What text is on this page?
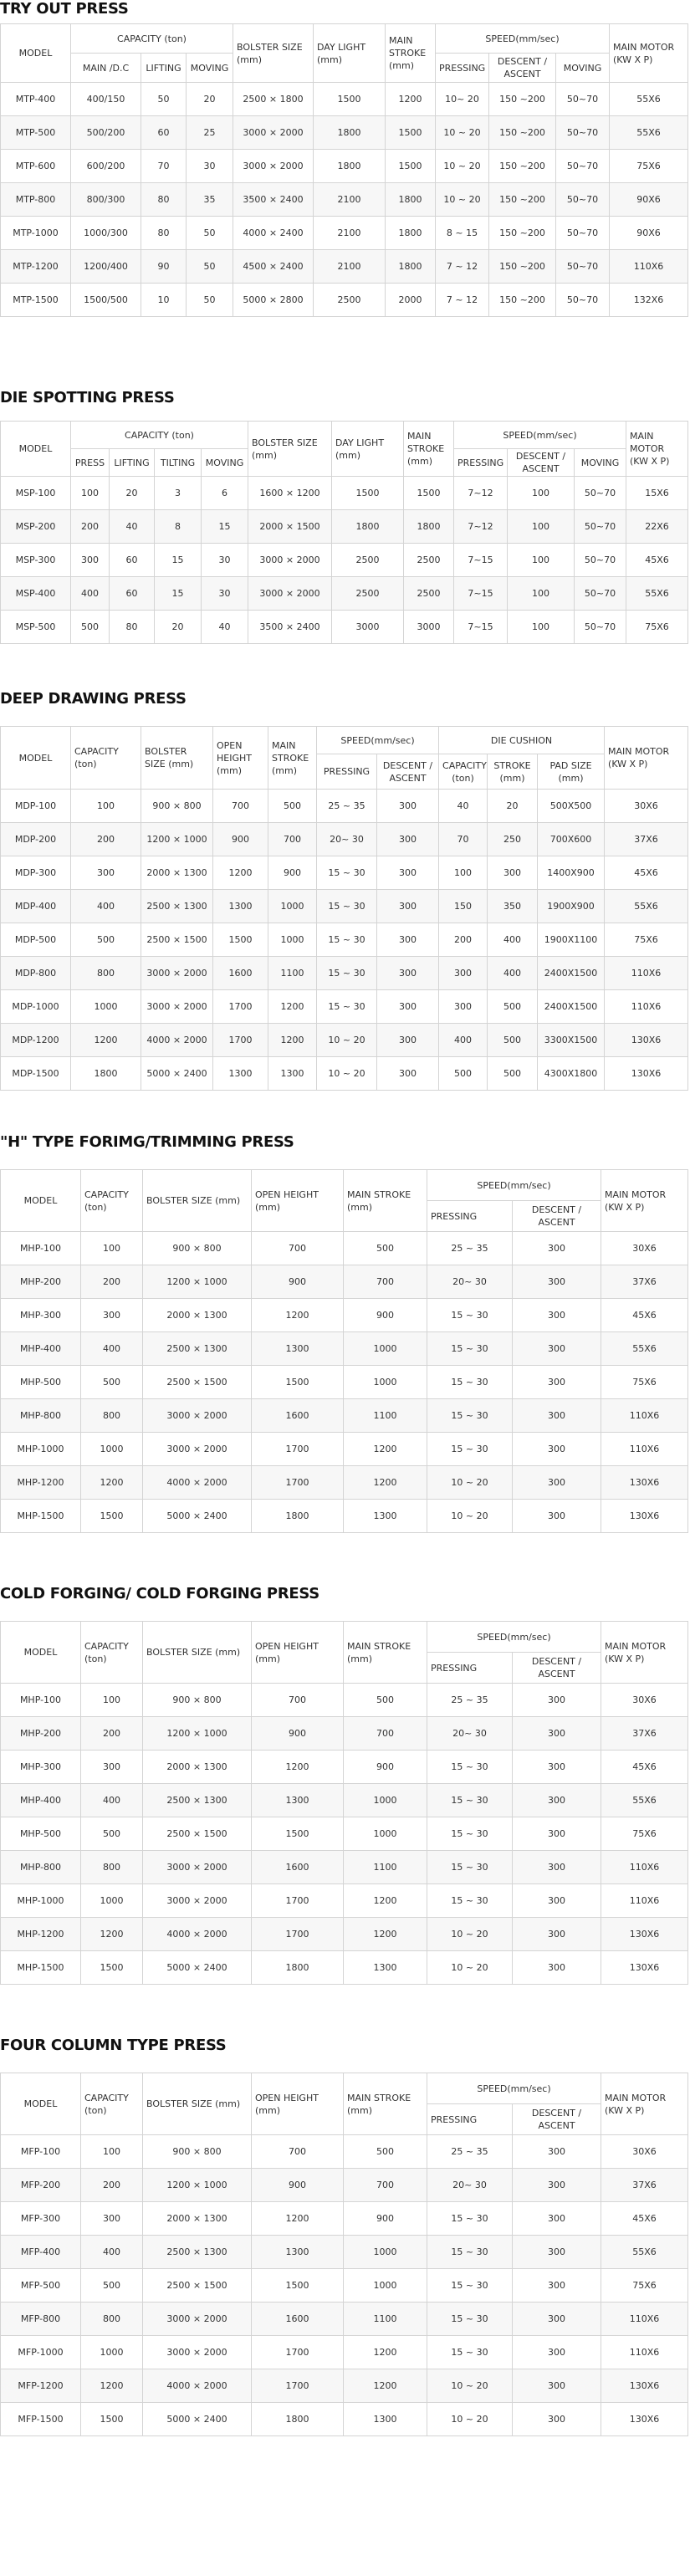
TRY OUT PRESS
MODEL	CAPACITY (ton)			BOLSTER SIZE (mm)	DAY LIGHT (mm)	MAIN STROKE (mm)	SPEED(mm/sec)			MAIN MOTOR (KW X P)
	MAIN /D.C	LIFTING	MOVING				PRESSING	DESCENT / ASCENT	MOVING	
MTP-400	400/150	50	20	2500 × 1800	1500	1200	10~ 20	150 ~200	50~70	55X6
MTP-500	500/200	60	25	3000 × 2000	1800	1500	10 ~ 20	150 ~200	50~70	55X6
MTP-600	600/200	70	30	3000 × 2000	1800	1500	10 ~ 20	150 ~200	50~70	75X6
MTP-800	800/300	80	35	3500 × 2400	2100	1800	10 ~ 20	150 ~200	50~70	90X6
MTP-1000	1000/300	80	50	4000 × 2400	2100	1800	8 ~ 15	150 ~200	50~70	90X6
MTP-1200	1200/400	90	50	4500 × 2400	2100	1800	7 ~ 12	150 ~200	50~70	110X6
MTP-1500	1500/500	10	50	5000 × 2800	2500	2000	7 ~ 12	150 ~200	50~70	132X6
DIE SPOTTING PRESS
MODEL	CAPACITY (ton)				BOLSTER SIZE (mm)	DAY LIGHT (mm)	MAIN STROKE (mm)	SPEED(mm/sec)			MAIN MOTOR (KW X P)
	PRESS	LIFTING	TILTING	MOVING				PRESSING	DESCENT / ASCENT	MOVING	
MSP-100	100	20	3	6	1600 × 1200	1500	1500	7~12	100	50~70	15X6
MSP-200	200	40	8	15	2000 × 1500	1800	1800	7~12	100	50~70	22X6
MSP-300	300	60	15	30	3000 × 2000	2500	2500	7~15	100	50~70	45X6
MSP-400	400	60	15	30	3000 × 2000	2500	2500	7~15	100	50~70	55X6
MSP-500	500	80	20	40	3500 × 2400	3000	3000	7~15	100	50~70	75X6
DEEP DRAWING PRESS
MODEL	CAPACITY (ton)	BOLSTER SIZE (mm)	OPEN HEIGHT (mm)	MAIN STROKE (mm)	SPEED(mm/sec)		DIE CUSHION			MAIN MOTOR (KW X P)
					PRESSING	DESCENT / ASCENT	CAPACITY (ton)	STROKE (mm)	PAD SIZE (mm)	
MDP-100	100	900 × 800	700	500	25 ~ 35	300	40	20	500X500	30X6
MDP-200	200	1200 × 1000	900	700	20~ 30	300	70	250	700X600	37X6
MDP-300	300	2000 × 1300	1200	900	15 ~ 30	300	100	300	1400X900	45X6
MDP-400	400	2500 × 1300	1300	1000	15 ~ 30	300	150	350	1900X900	55X6
MDP-500	500	2500 × 1500	1500	1000	15 ~ 30	300	200	400	1900X1100	75X6
MDP-800	800	3000 × 2000	1600	1100	15 ~ 30	300	300	400	2400X1500	110X6
MDP-1000	1000	3000 × 2000	1700	1200	15 ~ 30	300	300	500	2400X1500	110X6
MDP-1200	1200	4000 × 2000	1700	1200	10 ~ 20	300	400	500	3300X1500	130X6
MDP-1500	1800	5000 × 2400	1300	1300	10 ~ 20	300	500	500	4300X1800	130X6
"H" TYPE FORIMG/TRIMMING PRESS
MODEL	CAPACITY (ton)	BOLSTER SIZE (mm)	OPEN HEIGHT (mm)	MAIN STROKE (mm)	SPEED(mm/sec)		MAIN MOTOR (KW X P)
					PRESSING	DESCENT / ASCENT	
MHP-100	100	900 × 800	700	500	25 ~ 35	300	30X6
MHP-200	200	1200 × 1000	900	700	20~ 30	300	37X6
MHP-300	300	2000 × 1300	1200	900	15 ~ 30	300	45X6
MHP-400	400	2500 × 1300	1300	1000	15 ~ 30	300	55X6
MHP-500	500	2500 × 1500	1500	1000	15 ~ 30	300	75X6
MHP-800	800	3000 × 2000	1600	1100	15 ~ 30	300	110X6
MHP-1000	1000	3000 × 2000	1700	1200	15 ~ 30	300	110X6
MHP-1200	1200	4000 × 2000	1700	1200	10 ~ 20	300	130X6
MHP-1500	1500	5000 × 2400	1800	1300	10 ~ 20	300	130X6
COLD FORGING/ COLD FORGING PRESS
MODEL	CAPACITY (ton)	BOLSTER SIZE (mm)	OPEN HEIGHT (mm)	MAIN STROKE (mm)	SPEED(mm/sec)		MAIN MOTOR (KW X P)
					PRESSING	DESCENT / ASCENT	
MHP-100	100	900 × 800	700	500	25 ~ 35	300	30X6
MHP-200	200	1200 × 1000	900	700	20~ 30	300	37X6
MHP-300	300	2000 × 1300	1200	900	15 ~ 30	300	45X6
MHP-400	400	2500 × 1300	1300	1000	15 ~ 30	300	55X6
MHP-500	500	2500 × 1500	1500	1000	15 ~ 30	300	75X6
MHP-800	800	3000 × 2000	1600	1100	15 ~ 30	300	110X6
MHP-1000	1000	3000 × 2000	1700	1200	15 ~ 30	300	110X6
MHP-1200	1200	4000 × 2000	1700	1200	10 ~ 20	300	130X6
MHP-1500	1500	5000 × 2400	1800	1300	10 ~ 20	300	130X6
FOUR COLUMN TYPE PRESS
MODEL	CAPACITY (ton)	BOLSTER SIZE (mm)	OPEN HEIGHT (mm)	MAIN STROKE (mm)	SPEED(mm/sec)		MAIN MOTOR (KW X P)
					PRESSING	DESCENT / ASCENT	
MFP-100	100	900 × 800	700	500	25 ~ 35	300	30X6
MFP-200	200	1200 × 1000	900	700	20~ 30	300	37X6
MFP-300	300	2000 × 1300	1200	900	15 ~ 30	300	45X6
MFP-400	400	2500 × 1300	1300	1000	15 ~ 30	300	55X6
MFP-500	500	2500 × 1500	1500	1000	15 ~ 30	300	75X6
MFP-800	800	3000 × 2000	1600	1100	15 ~ 30	300	110X6
MFP-1000	1000	3000 × 2000	1700	1200	15 ~ 30	300	110X6
MFP-1200	1200	4000 × 2000	1700	1200	10 ~ 20	300	130X6
MFP-1500	1500	5000 × 2400	1800	1300	10 ~ 20	300	130X6
